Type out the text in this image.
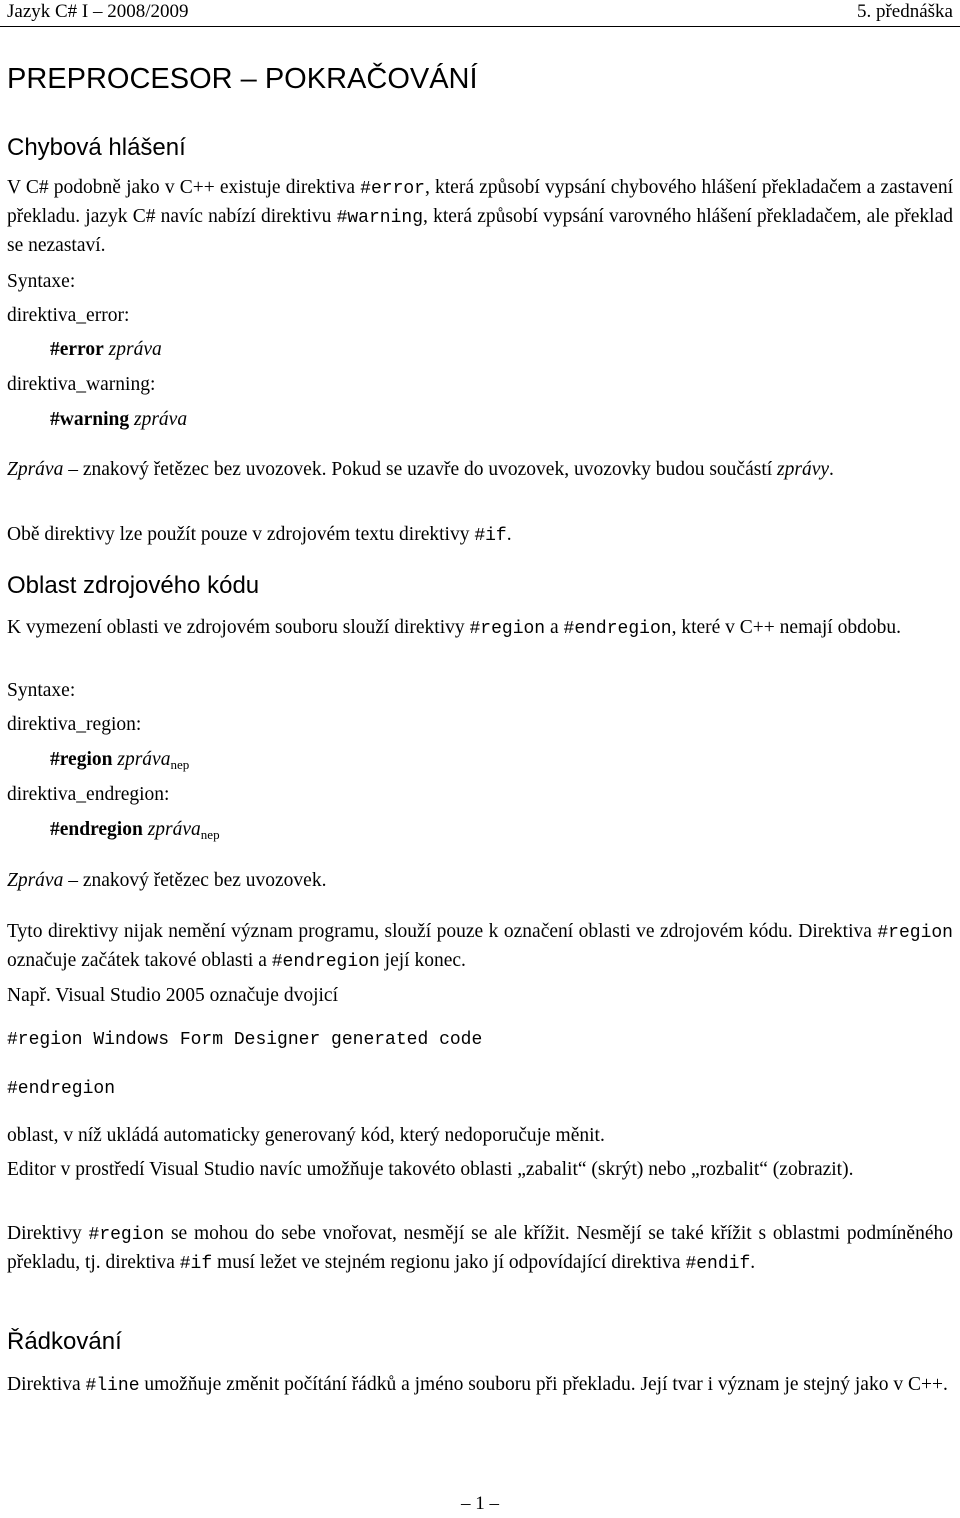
Jazyk C# I – 2008/2009	5. přednáška
PREPROCESOR – POKRAČOVÁNÍ
Chybová hlášení
V C# podobně jako v C++ existuje direktiva #error, která způsobí vypsání chybového hlášení překladačem a zastavení překladu. jazyk C# navíc nabízí direktivu #warning, která způsobí vypsání varovného hlášení překladačem, ale překlad se nezastaví.
Syntaxe:
direktiva_error:
#error zpráva
direktiva_warning:
#warning zpráva
Zpráva – znakový řetězec bez uvozovek. Pokud se uzavře do uvozovek, uvozovky budou součástí zprávy.
Obě direktivy lze použít pouze v zdrojovém textu direktivy #if.
Oblast zdrojového kódu
K vymezení oblasti ve zdrojovém souboru slouží direktivy #region a #endregion, které v C++ nemají obdobu.
Syntaxe:
direktiva_region:
#region zpráva$_{nep}$
direktiva_endregion:
#endregion zpráva$_{nep}$
Zpráva – znakový řetězec bez uvozovek.
Tyto direktivy nijak nemění význam programu, slouží pouze k označení oblasti ve zdrojovém kódu. Direktiva #region označuje začátek takové oblasti a #endregion její konec.
Např. Visual Studio 2005 označuje dvojicí
#region Windows Form Designer generated code
#endregion
oblast, v níž ukládá automaticky generovaný kód, který nedoporučuje měnit.
Editor v prostředí Visual Studio navíc umožňuje takovéto oblasti „zabalit“ (skrýt) nebo „rozbalit“ (zobrazit).
Direktivy #region se mohou do sebe vnořovat, nesmějí se ale křížit. Nesmějí se také křížit s oblastmi podmíněného překladu, tj. direktiva #if musí ležet ve stejném regionu jako jí odpovídající direktiva #endif.
Řádkování
Direktiva #line umožňuje změnit počítání řádků a jméno souboru při překladu. Její tvar i význam je stejný jako v C++.
– 1 –
